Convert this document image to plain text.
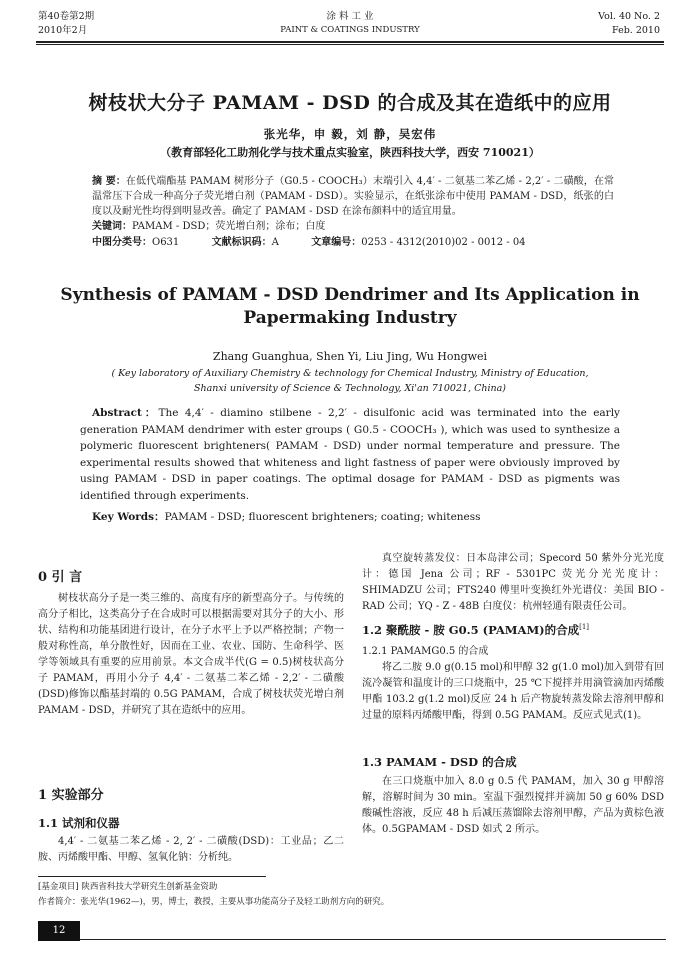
第40卷第2期
2010年2月
涂 料 工 业
PAINT & COATINGS INDUSTRY
Vol. 40 No. 2
Feb. 2010
树枝状大分子 PAMAM - DSD 的合成及其在造纸中的应用
张光华，申 毅，刘 静，吴宏伟
（教育部轻化工助剂化学与技术重点实验室，陕西科技大学，西安 710021）
摘 要：在低代端酯基 PAMAM 树形分子（G0.5 - COOCH₃）末端引入 4,4′ - 二氨基二苯乙烯 - 2,2′ - 二磺酸，在常温常压下合成一种高分子荧光增白剂（PAMAM - DSD）。实验显示，在纸张涂布中使用 PAMAM - DSD，纸张的白度以及耐光性均得到明显改善。确定了 PAMAM - DSD 在涂布颜料中的适宜用量。
关键词：PAMAM - DSD；荧光增白剂；涂布；白度
中图分类号：O631	文献标识码：A	文章编号：0253 - 4312(2010)02 - 0012 - 04
Synthesis of PAMAM - DSD Dendrimer and Its Application in
Papermaking Industry
Zhang Guanghua, Shen Yi, Liu Jing, Wu Hongwei
( Key laboratory of Auxiliary Chemistry & technology for Chemical Industry, Ministry of Education,
Shanxi university of Science & Technology, Xi'an 710021, China)
Abstract：The 4,4′ - diamino stilbene - 2,2′ - disulfonic acid was terminated into the early generation PAMAM dendrimer with ester groups ( G0.5 - COOCH₃ ), which was used to synthesize a polymeric fluorescent brighteners( PAMAM - DSD) under normal temperature and pressure. The experimental results showed that whiteness and light fastness of paper were obviously improved by using PAMAM - DSD in paper coatings. The optimal dosage for PAMAM - DSD as pigments was identified through experiments.
Key Words：PAMAM - DSD; fluorescent brighteners; coating; whiteness
0 引 言
树枝状高分子是一类三维的、高度有序的新型高分子。与传统的高分子相比，这类高分子在合成时可以根据需要对其分子的大小、形状、结构和功能基团进行设计，在分子水平上予以严格控制；产物一般对称性高，单分散性好，因而在工业、农业、国防、生命科学、医学等领域具有重要的应用前景。本文合成半代(G = 0.5)树枝状高分子 PAMAM，再用小分子 4,4′ - 二氨基二苯乙烯 - 2,2′ - 二磺酸(DSD)修饰以酯基封端的 0.5G PAMAM，合成了树枝状荧光增白剂 PAMAM - DSD，并研究了其在造纸中的应用。
1 实验部分
1.1 试剂和仪器
4,4′ - 二氨基二苯乙烯 - 2, 2′ - 二磺酸(DSD)：工业品；乙二胺、丙烯酸甲酯、甲醇、氢氧化钠：分析纯。
真空旋转蒸发仪：日本岛津公司；Specord 50 紫外分光光度计：德国 Jena 公司；RF - 5301PC 荧光分光光度计：SHIMADZU 公司；FTS240 傅里叶变换红外光谱仪：美国 BIO - RAD 公司；YQ - Z - 48B 白度仪：杭州轻通有限责任公司。
1.2 聚酰胺 - 胺 G0.5 (PAMAM)的合成[1]
1.2.1 PAMAMG0.5 的合成
将乙二胺 9.0 g(0.15 mol)和甲醇 32 g(1.0 mol)加入到带有回流冷凝管和温度计的三口烧瓶中，25 ℃下搅拌并用滴管滴加丙烯酸甲酯 103.2 g(1.2 mol)反应 24 h 后产物旋转蒸发除去溶剂甲醇和过量的原料丙烯酸甲酯，得到 0.5G PAMAM。反应式见式(1)。
1.3 PAMAM - DSD 的合成
在三口烧瓶中加入 8.0 g 0.5 代 PAMAM，加入 30 g 甲醇溶解，溶解时间为 30 min。室温下强烈搅拌并滴加 50 g 60% DSD 酸碱性溶液，反应 48 h 后减压蒸馏除去溶剂甲醇，产品为黄棕色液体。0.5GPAMAM - DSD 如式 2 所示。
[基金项目] 陕西省科技大学研究生创新基金资助
作者简介：张光华(1962—)，男，博士，教授，主要从事功能高分子及轻工助剂方向的研究。
12
